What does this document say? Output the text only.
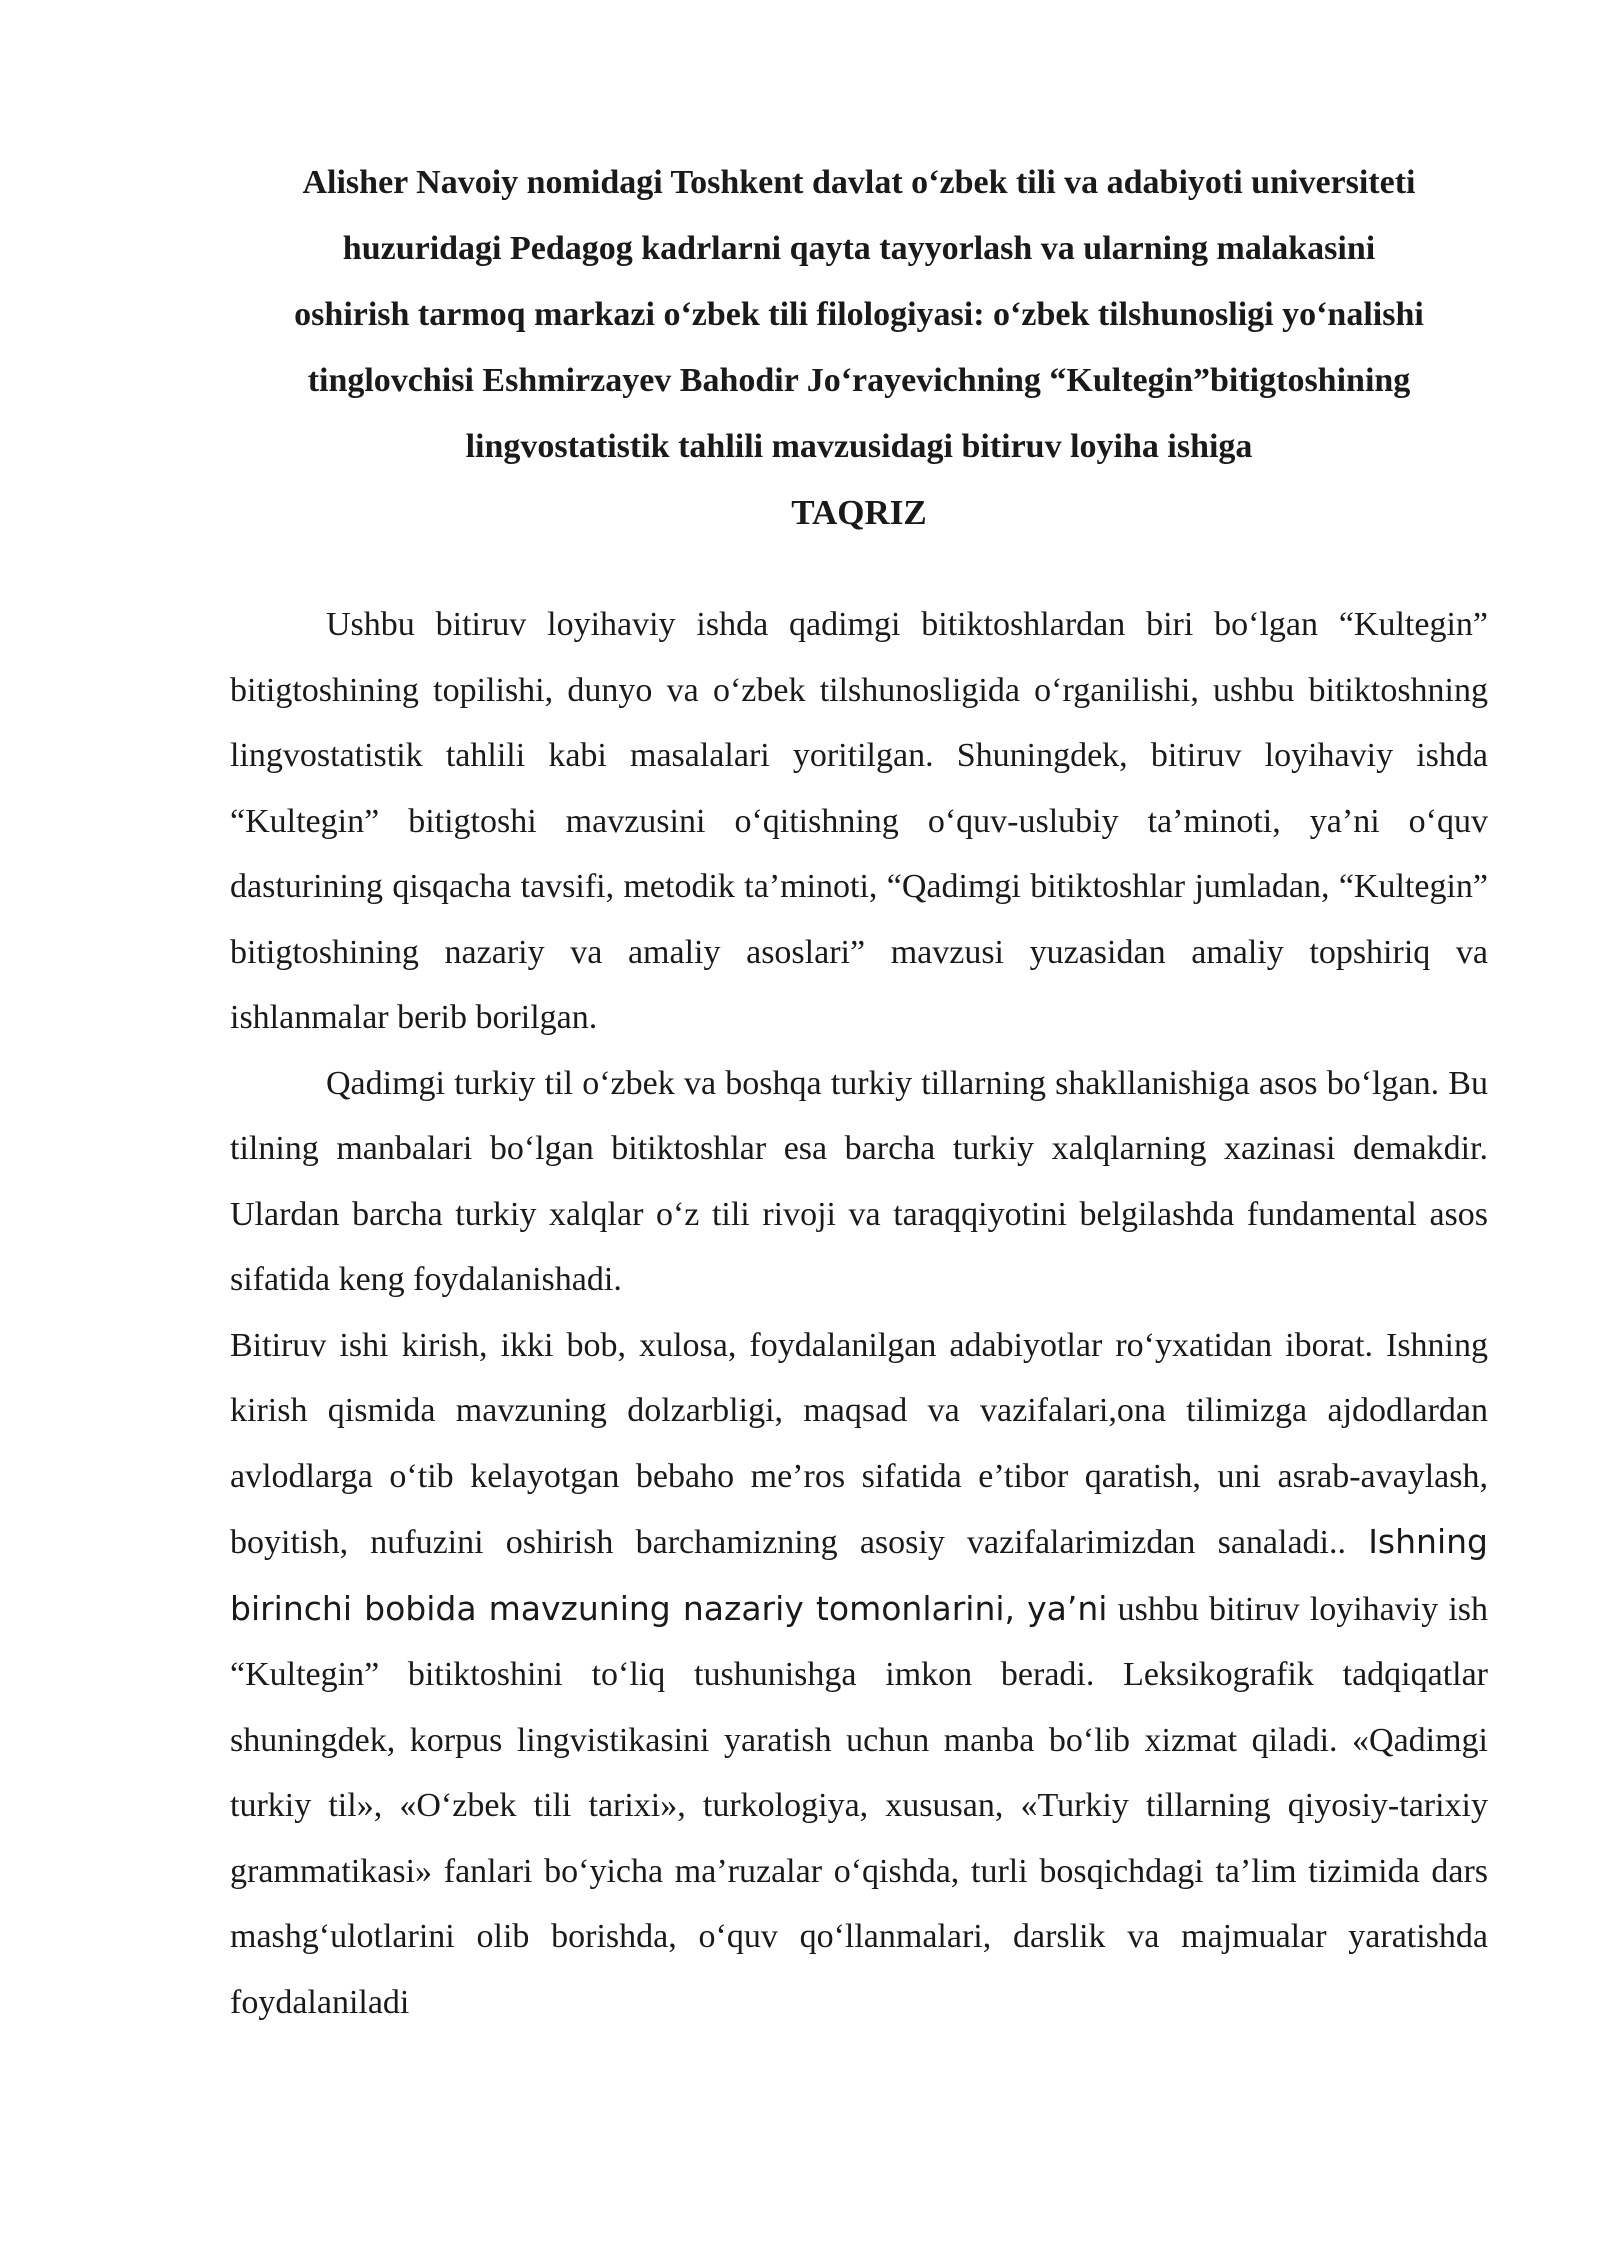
Alisher Navoiy nomidagi Toshkent davlat o‘zbek tili va adabiyoti universiteti
huzuridagi Pedagog kadrlarni qayta tayyorlash va ularning malakasini
oshirish tarmoq markazi o‘zbek tili filologiyasi: o‘zbek tilshunosligi yo‘nalishi
tinglovchisi Eshmirzayev Bahodir Jo‘rayevichning “Kultegin”bitigtoshining
lingvostatistik tahlili mavzusidagi bitiruv loyiha ishiga
TAQRIZ

Ushbu bitiruv loyihaviy ishda qadimgi bitiktoshlardan biri bo‘lgan “Kultegin” bitigtoshining topilishi, dunyo va o‘zbek tilshunosligida o‘rganilishi, ushbu bitiktoshning lingvostatistik tahlili kabi masalalari yoritilgan. Shuningdek, bitiruv loyihaviy ishda “Kultegin” bitigtoshi mavzusini o‘qitishning o‘quv-uslubiy ta’minoti, ya’ni o‘quv dasturining qisqacha tavsifi, metodik ta’minoti, “Qadimgi bitiktoshlar jumladan, “Kultegin” bitigtoshining nazariy va amaliy asoslari” mavzusi yuzasidan amaliy topshiriq va ishlanmalar berib borilgan.

Qadimgi turkiy til o‘zbek va boshqa turkiy tillarning shakllanishiga asos bo‘lgan. Bu tilning manbalari bo‘lgan bitiktoshlar esa barcha turkiy xalqlarning xazinasi demakdir. Ulardan barcha turkiy xalqlar o‘z tili rivoji va taraqqiyotini belgilashda fundamental asos sifatida keng foydalanishadi.

Bitiruv ishi kirish, ikki bob, xulosa, foydalanilgan adabiyotlar ro‘yxatidan iborat. Ishning kirish qismida mavzuning dolzarbligi, maqsad va vazifalari,ona tilimizga ajdodlardan avlodlarga o‘tib kelayotgan bebaho me’ros sifatida e’tibor qaratish, uni asrab-avaylash, boyitish, nufuzini oshirish barchamizning asosiy vazifalarimizdan sanaladi.. Ishning birinchi bobida mavzuning nazariy tomonlarini, ya’ni ushbu bitiruv loyihaviy ish “Kultegin” bitiktoshini to‘liq tushunishga imkon beradi. Leksikografik tadqiqatlar shuningdek, korpus lingvistikasini yaratish uchun manba bo‘lib xizmat qiladi. «Qadimgi turkiy til», «O‘zbek tili tarixi», turkologiya, xususan, «Turkiy tillarning qiyosiy-tarixiy grammatikasi» fanlari bo‘yicha ma’ruzalar o‘qishda, turli bosqichdagi ta’lim tizimida dars mashg‘ulotlarini olib borishda, o‘quv qo‘llanmalari, darslik va majmualar yaratishda foydalaniladi
